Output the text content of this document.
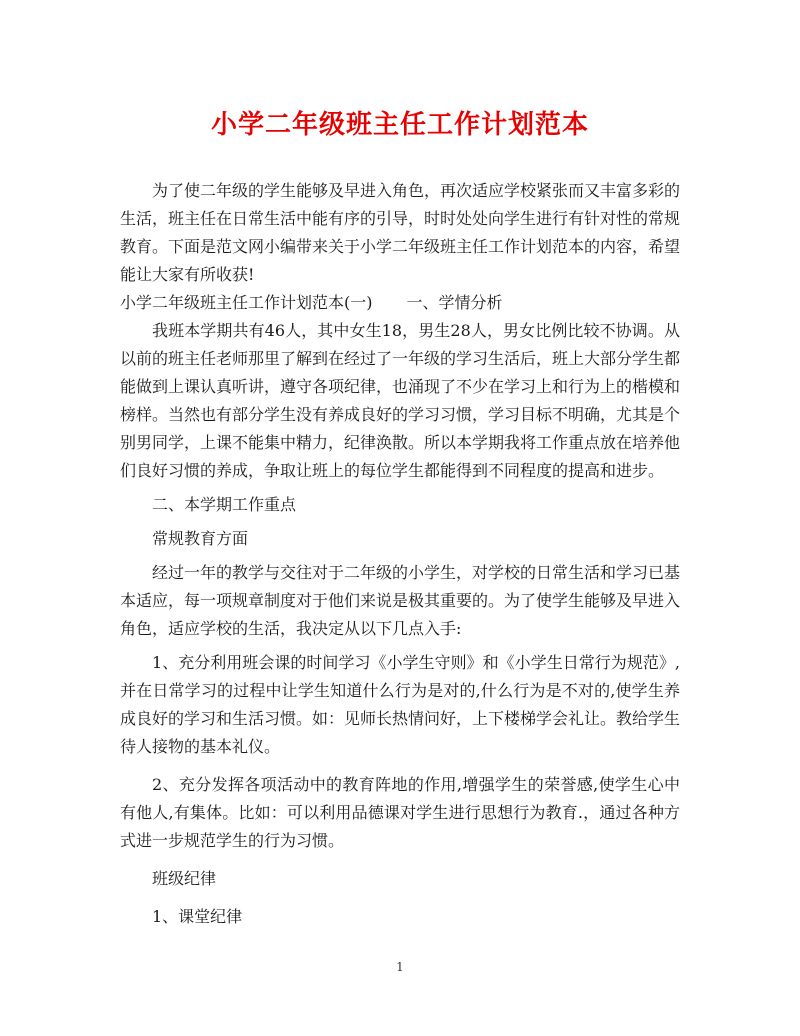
小学二年级班主任工作计划范本

为了使二年级的学生能够及早进入角色，再次适应学校紧张而又丰富多彩的生活，班主任在日常生活中能有序的引导，时时处处向学生进行有针对性的常规教育。下面是范文网小编带来关于小学二年级班主任工作计划范本的内容，希望能让大家有所收获!

小学二年级班主任工作计划范本(一) 一、学情分析

我班本学期共有46人，其中女生18，男生28人，男女比例比较不协调。从以前的班主任老师那里了解到在经过了一年级的学习生活后，班上大部分学生都能做到上课认真听讲，遵守各项纪律，也涌现了不少在学习上和行为上的楷模和榜样。当然也有部分学生没有养成良好的学习习惯，学习目标不明确，尤其是个别男同学，上课不能集中精力，纪律涣散。所以本学期我将工作重点放在培养他们良好习惯的养成，争取让班上的每位学生都能得到不同程度的提高和进步。

二、本学期工作重点

常规教育方面

经过一年的教学与交往对于二年级的小学生，对学校的日常生活和学习已基本适应，每一项规章制度对于他们来说是极其重要的。为了使学生能够及早进入角色，适应学校的生活，我决定从以下几点入手:

1、充分利用班会课的时间学习《小学生守则》和《小学生日常行为规范》,并在日常学习的过程中让学生知道什么行为是对的,什么行为是不对的,使学生养成良好的学习和生活习惯。如：见师长热情问好，上下楼梯学会礼让。教给学生待人接物的基本礼仪。

2、充分发挥各项活动中的教育阵地的作用,增强学生的荣誉感,使学生心中有他人,有集体。比如：可以利用品德课对学生进行思想行为教育.，通过各种方式进一步规范学生的行为习惯。

班级纪律

1、课堂纪律

1
